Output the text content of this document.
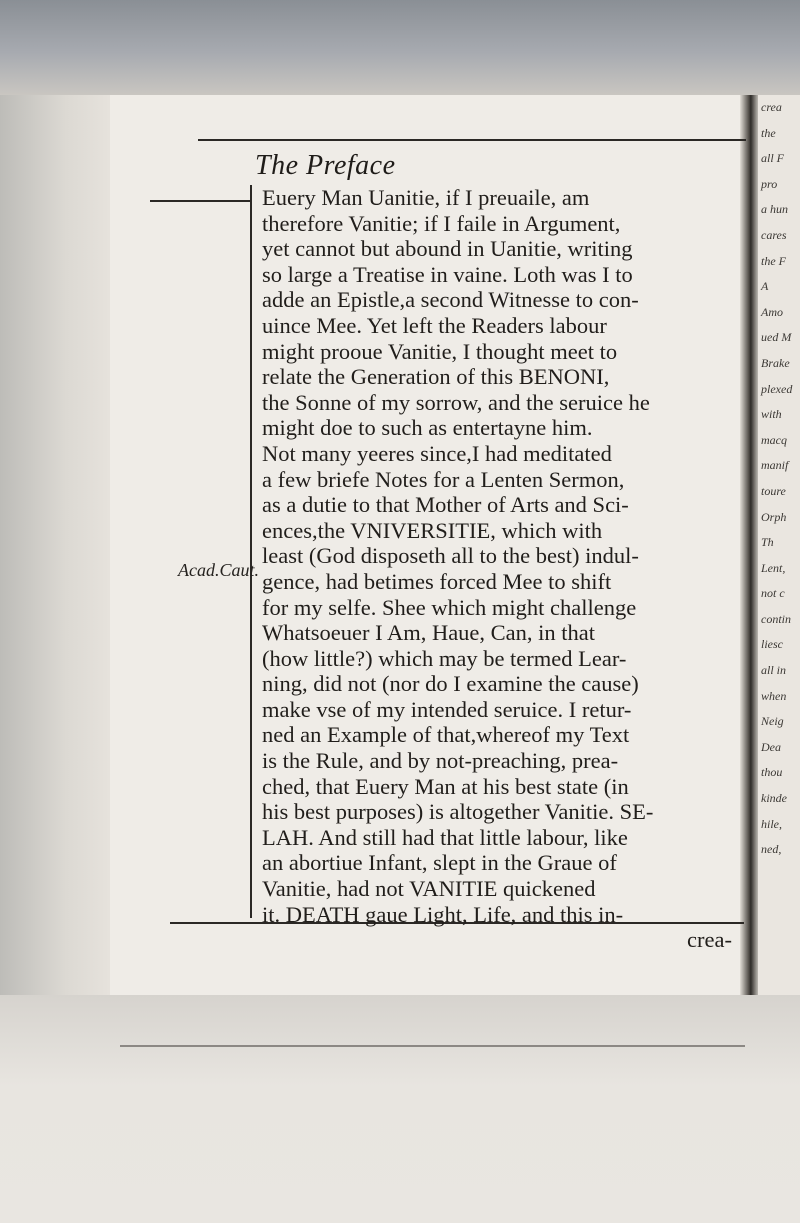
crea
the
all F
pro
a hun
cares
the F
A
Amo
ued M
Brake
plexed
with
macq
manif
toure
Orph
Th
Lent,
not c
contin
liesc
all in
when
Neig
Dea
thou
kinde
hile,
ned,
The Preface
Acad.Caut.
Euery Man Uanitie, if I preuaile, am
therefore Vanitie; if I faile in Argument,
yet cannot but abound in Uanitie, writing
so large a Treatise in vaine. Loth was I to
adde an Epistle,a second Witnesse to con-
uince Mee. Yet left the Readers labour
might prooue Vanitie, I thought meet to
relate the Generation of this BENONI,
the Sonne of my sorrow, and the seruice he
might doe to such as entertayne him.
Not many yeeres since,I had meditated
a few briefe Notes for a Lenten Sermon,
as a dutie to that Mother of Arts and Sci-
ences,the VNIVERSITIE, which with
least (God disposeth all to the best) indul-
gence, had betimes forced Mee to shift
for my selfe. Shee which might challenge
Whatsoeuer I Am, Haue, Can, in that
(how little?) which may be termed Lear-
ning, did not (nor do I examine the cause)
make vse of my intended seruice. I retur-
ned an Example of that,whereof my Text
is the Rule, and by not-preaching, prea-
ched, that Euery Man at his best state (in
his best purposes) is altogether Vanitie. SE-
LAH. And still had that little labour, like
an abortiue Infant, slept in the Graue of
Vanitie, had not VANITIE quickened
it. DEATH gaue Light, Life, and this in-
crea-
